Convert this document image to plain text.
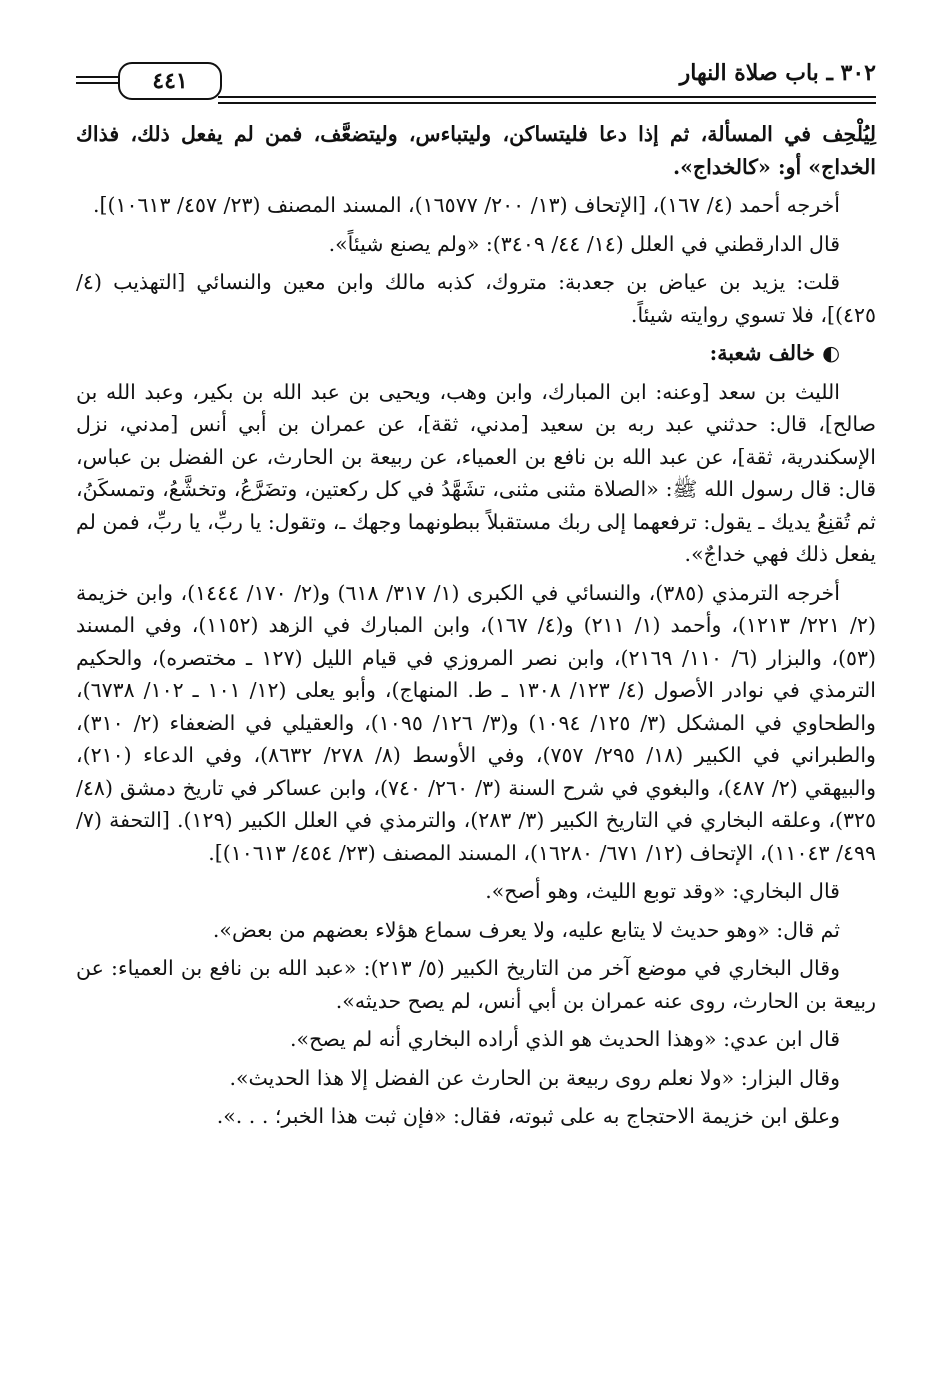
٣٠٢ ـ باب صلاة النهار
٤٤١

لِيُلْحِف في المسألة، ثم إذا دعا فليتساكن، وليتباءس، وليتضعَّف، فمن لم يفعل ذلك، فذاك الخداج» أو: «كالخداج».

أخرجه أحمد (٤/ ١٦٧)، [الإتحاف (١٣/ ٢٠٠/ ١٦٥٧٧)، المسند المصنف (٢٣/ ٤٥٧/ ١٠٦١٣)].

قال الدارقطني في العلل (١٤/ ٤٤/ ٣٤٠٩): «ولم يصنع شيئاً».

قلت: يزيد بن عياض بن جعدبة: متروك، كذبه مالك وابن معين والنسائي [التهذيب (٤/ ٤٢٥)]، فلا تسوي روايته شيئاً.

◐ خالف شعبة:

الليث بن سعد [وعنه: ابن المبارك، وابن وهب، ويحيى بن عبد الله بن بكير، وعبد الله بن صالح]، قال: حدثني عبد ربه بن سعيد [مدني، ثقة]، عن عمران بن أبي أنس [مدني، نزل الإسكندرية، ثقة]، عن عبد الله بن نافع بن العمياء، عن ربيعة بن الحارث، عن الفضل بن عباس، قال: قال رسول الله ﷺ: «الصلاة مثنى مثنى، تشَهَّدُ في كل ركعتين، وتضَرَّعُ، وتخشَّعُ، وتمسكَنُ، ثم تُقنِعُ يديك ـ يقول: ترفعهما إلى ربك مستقبلاً ببطونهما وجهك ـ، وتقول: يا ربِّ، يا ربِّ، فمن لم يفعل ذلك فهي خداجٌ».

أخرجه الترمذي (٣٨٥)، والنسائي في الكبرى (١/ ٣١٧/ ٦١٨) و(٢/ ١٧٠/ ١٤٤٤)، وابن خزيمة (٢/ ٢٢١/ ١٢١٣)، وأحمد (١/ ٢١١) و(٤/ ١٦٧)، وابن المبارك في الزهد (١١٥٢)، وفي المسند (٥٣)، والبزار (٦/ ١١٠/ ٢١٦٩)، وابن نصر المروزي في قيام الليل (١٢٧ ـ مختصره)، والحكيم الترمذي في نوادر الأصول (٤/ ١٢٣/ ١٣٠٨ ـ ط. المنهاج)، وأبو يعلى (١٢/ ١٠١ ـ ١٠٢/ ٦٧٣٨)، والطحاوي في المشكل (٣/ ١٢٥/ ١٠٩٤) و(٣/ ١٢٦/ ١٠٩٥)، والعقيلي في الضعفاء (٢/ ٣١٠)، والطبراني في الكبير (١٨/ ٢٩٥/ ٧٥٧)، وفي الأوسط (٨/ ٢٧٨/ ٨٦٣٢)، وفي الدعاء (٢١٠)، والبيهقي (٢/ ٤٨٧)، والبغوي في شرح السنة (٣/ ٢٦٠/ ٧٤٠)، وابن عساكر في تاريخ دمشق (٤٨/ ٣٢٥)، وعلقه البخاري في التاريخ الكبير (٣/ ٢٨٣)، والترمذي في العلل الكبير (١٢٩). [التحفة (٧/ ٤٩٩/ ١١٠٤٣)، الإتحاف (١٢/ ٦٧١/ ١٦٢٨٠)، المسند المصنف (٢٣/ ٤٥٤/ ١٠٦١٣)].

قال البخاري: «وقد توبع الليث، وهو أصح».

ثم قال: «وهو حديث لا يتابع عليه، ولا يعرف سماع هؤلاء بعضهم من بعض».

وقال البخاري في موضع آخر من التاريخ الكبير (٥/ ٢١٣): «عبد الله بن نافع بن العمياء: عن ربيعة بن الحارث، روى عنه عمران بن أبي أنس، لم يصح حديثه».

قال ابن عدي: «وهذا الحديث هو الذي أراده البخاري أنه لم يصح».

وقال البزار: «ولا نعلم روى ربيعة بن الحارث عن الفضل إلا هذا الحديث».

وعلق ابن خزيمة الاحتجاج به على ثبوته، فقال: «فإن ثبت هذا الخبر؛ . . .».
